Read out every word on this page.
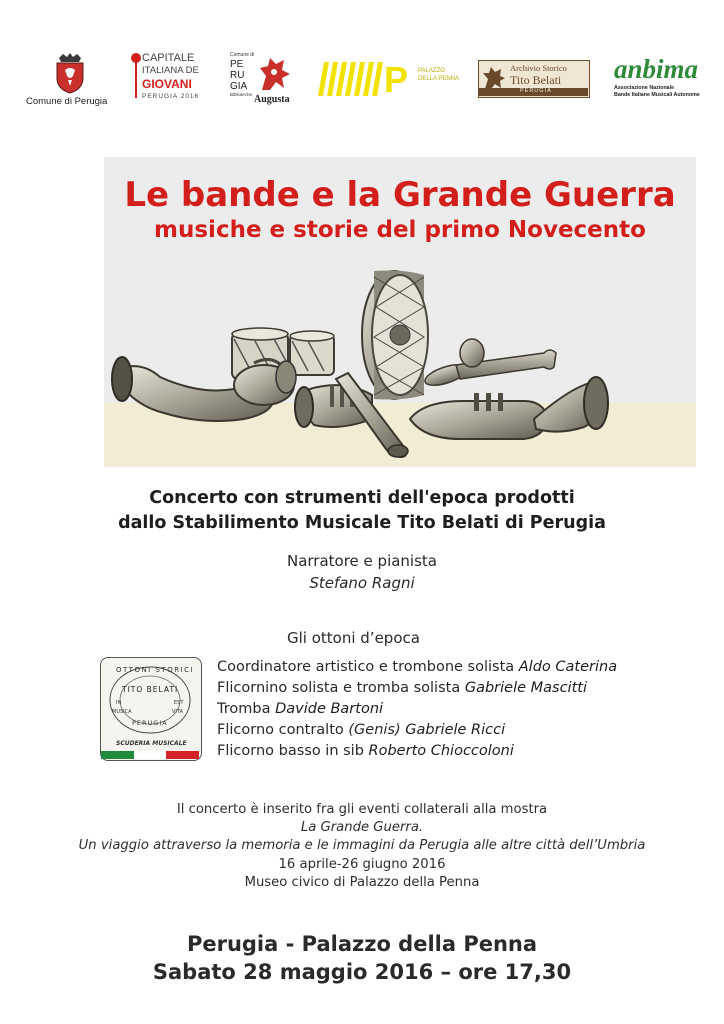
Comune di Perugia
CAPITALE
ITALIANA DE
GIOVANI
PERUGIA 2016
Comune di
PE
RU
GIA
Biblioteche Augusta	P PALAZZO
DELLA PENNA
Archivio Storico
Tito Belati
PERUGIA
anbima
Associazione Nazionale
Bande Italiane Musicali Autonome
Le bande e la Grande Guerra
musiche e storie del primo Novecento
Concerto con strumenti dell'epoca prodotti
dallo Stabilimento Musicale Tito Belati di Perugia
Narratore e pianista
Stefano Ragni
Gli ottoni d’epoca
OTTONI STORICI
TITO BELATI
IN
MUSICA
EST
VITA
PERUGIA
SCUDERIA MUSICALE
Coordinatore artistico e trombone solista Aldo Caterina
Flicornino solista e tromba solista Gabriele Mascitti
Tromba Davide Bartoni
Flicorno contralto (Genis) Gabriele Ricci
Flicorno basso in sib Roberto Chioccoloni
Il concerto è inserito fra gli eventi collaterali alla mostra
La Grande Guerra.
Un viaggio attraverso la memoria e le immagini da Perugia alle altre città dell’Umbria
16 aprile-26 giugno 2016
Museo civico di Palazzo della Penna
Perugia - Palazzo della Penna
Sabato 28 maggio 2016 – ore 17,30
